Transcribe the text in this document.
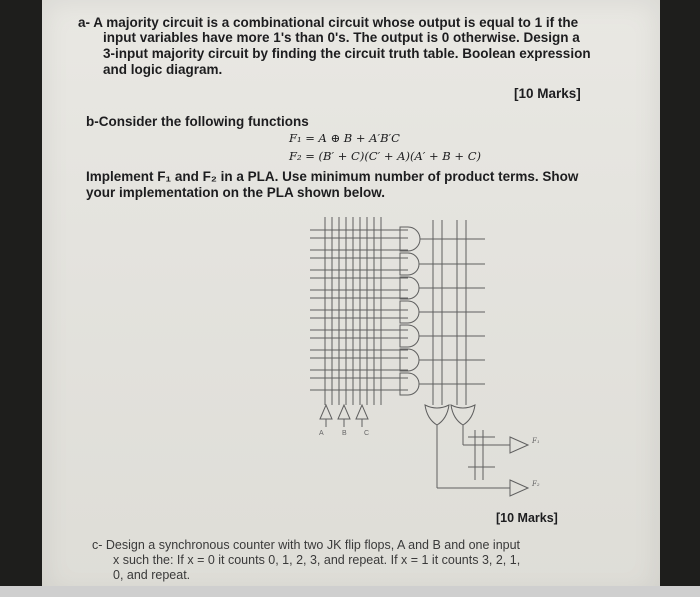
a- A majority circuit is a combinational circuit whose output is equal to 1 if the
input variables have more 1's than 0's. The output is 0 otherwise. Design a
3-input majority circuit by finding the circuit truth table. Boolean expression
and logic diagram.
[10 Marks]
b-Consider the following functions
F₁ = A ⊕ B + A′B′C
F₂ = (B′ + C)(C′ + A)(A′ + B + C)
Implement F₁ and F₂ in a PLA. Use minimum number of product terms. Show
your implementation on the PLA shown below.
A	B C
F₁
F₂
[10 Marks]
c- Design a synchronous counter with two JK flip flops, A and B and one input
x such the: If x = 0 it counts 0, 1, 2, 3, and repeat. If x = 1 it counts 3, 2, 1,
0, and repeat.
